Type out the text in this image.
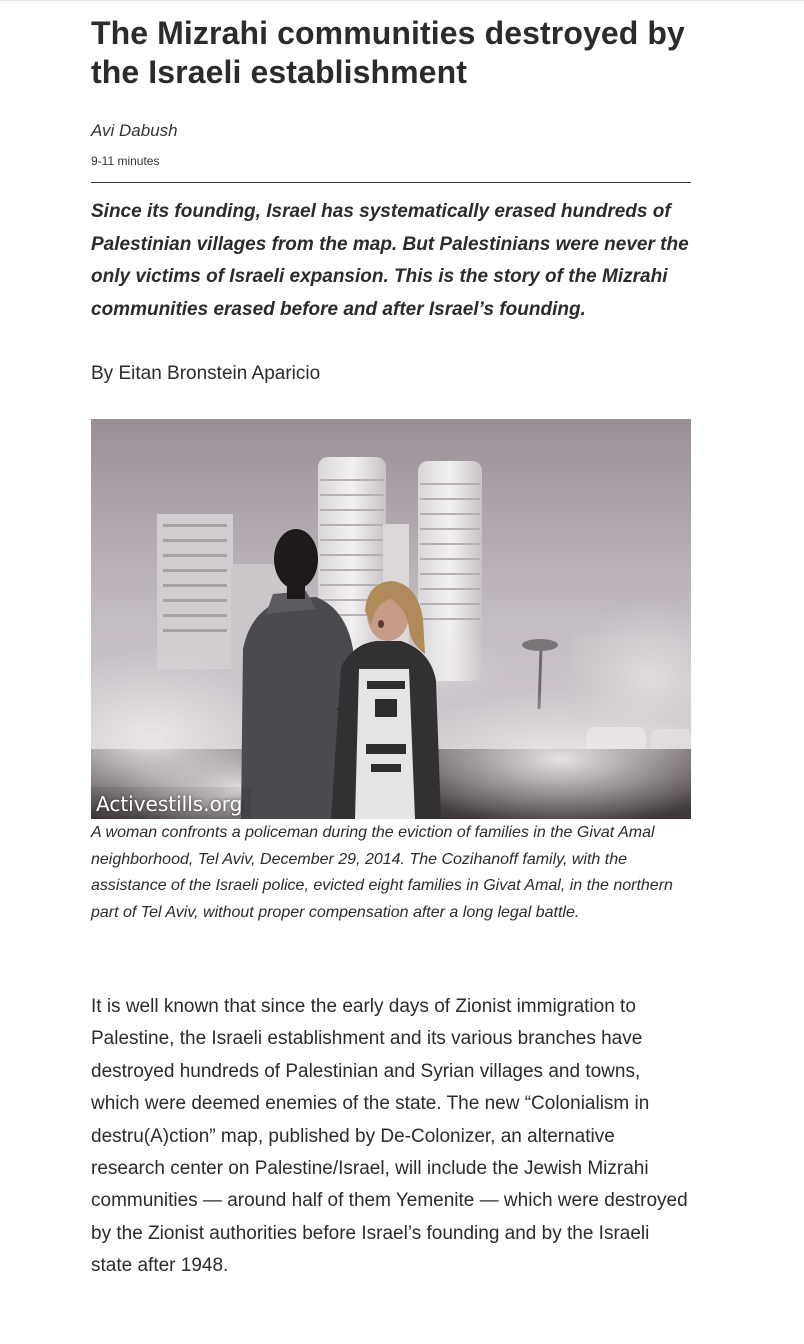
The Mizrahi communities destroyed by the Israeli establishment
Avi Dabush
9-11 minutes

Since its founding, Israel has systematically erased hundreds of Palestinian villages from the map. But Palestinians were never the only victims of Israeli expansion. This is the story of the Mizrahi communities erased before and after Israel’s founding.

By Eitan Bronstein Aparicio
Activestills.org
A woman confronts a policeman during the eviction of families in the Givat Amal neighborhood, Tel Aviv, December 29, 2014. The Cozihanoff family, with the assistance of the Israeli police, evicted eight families in Givat Amal, in the northern part of Tel Aviv, without proper compensation after a long legal battle.

It is well known that since the early days of Zionist immigration to Palestine, the Israeli establishment and its various branches have destroyed hundreds of Palestinian and Syrian villages and towns, which were deemed enemies of the state. The new “Colonialism in destru(A)ction” map, published by De-Colonizer, an alternative research center on Palestine/Israel, will include the Jewish Mizrahi communities — around half of them Yemenite — which were destroyed by the Zionist authorities before Israel’s founding and by the Israeli state after 1948.
